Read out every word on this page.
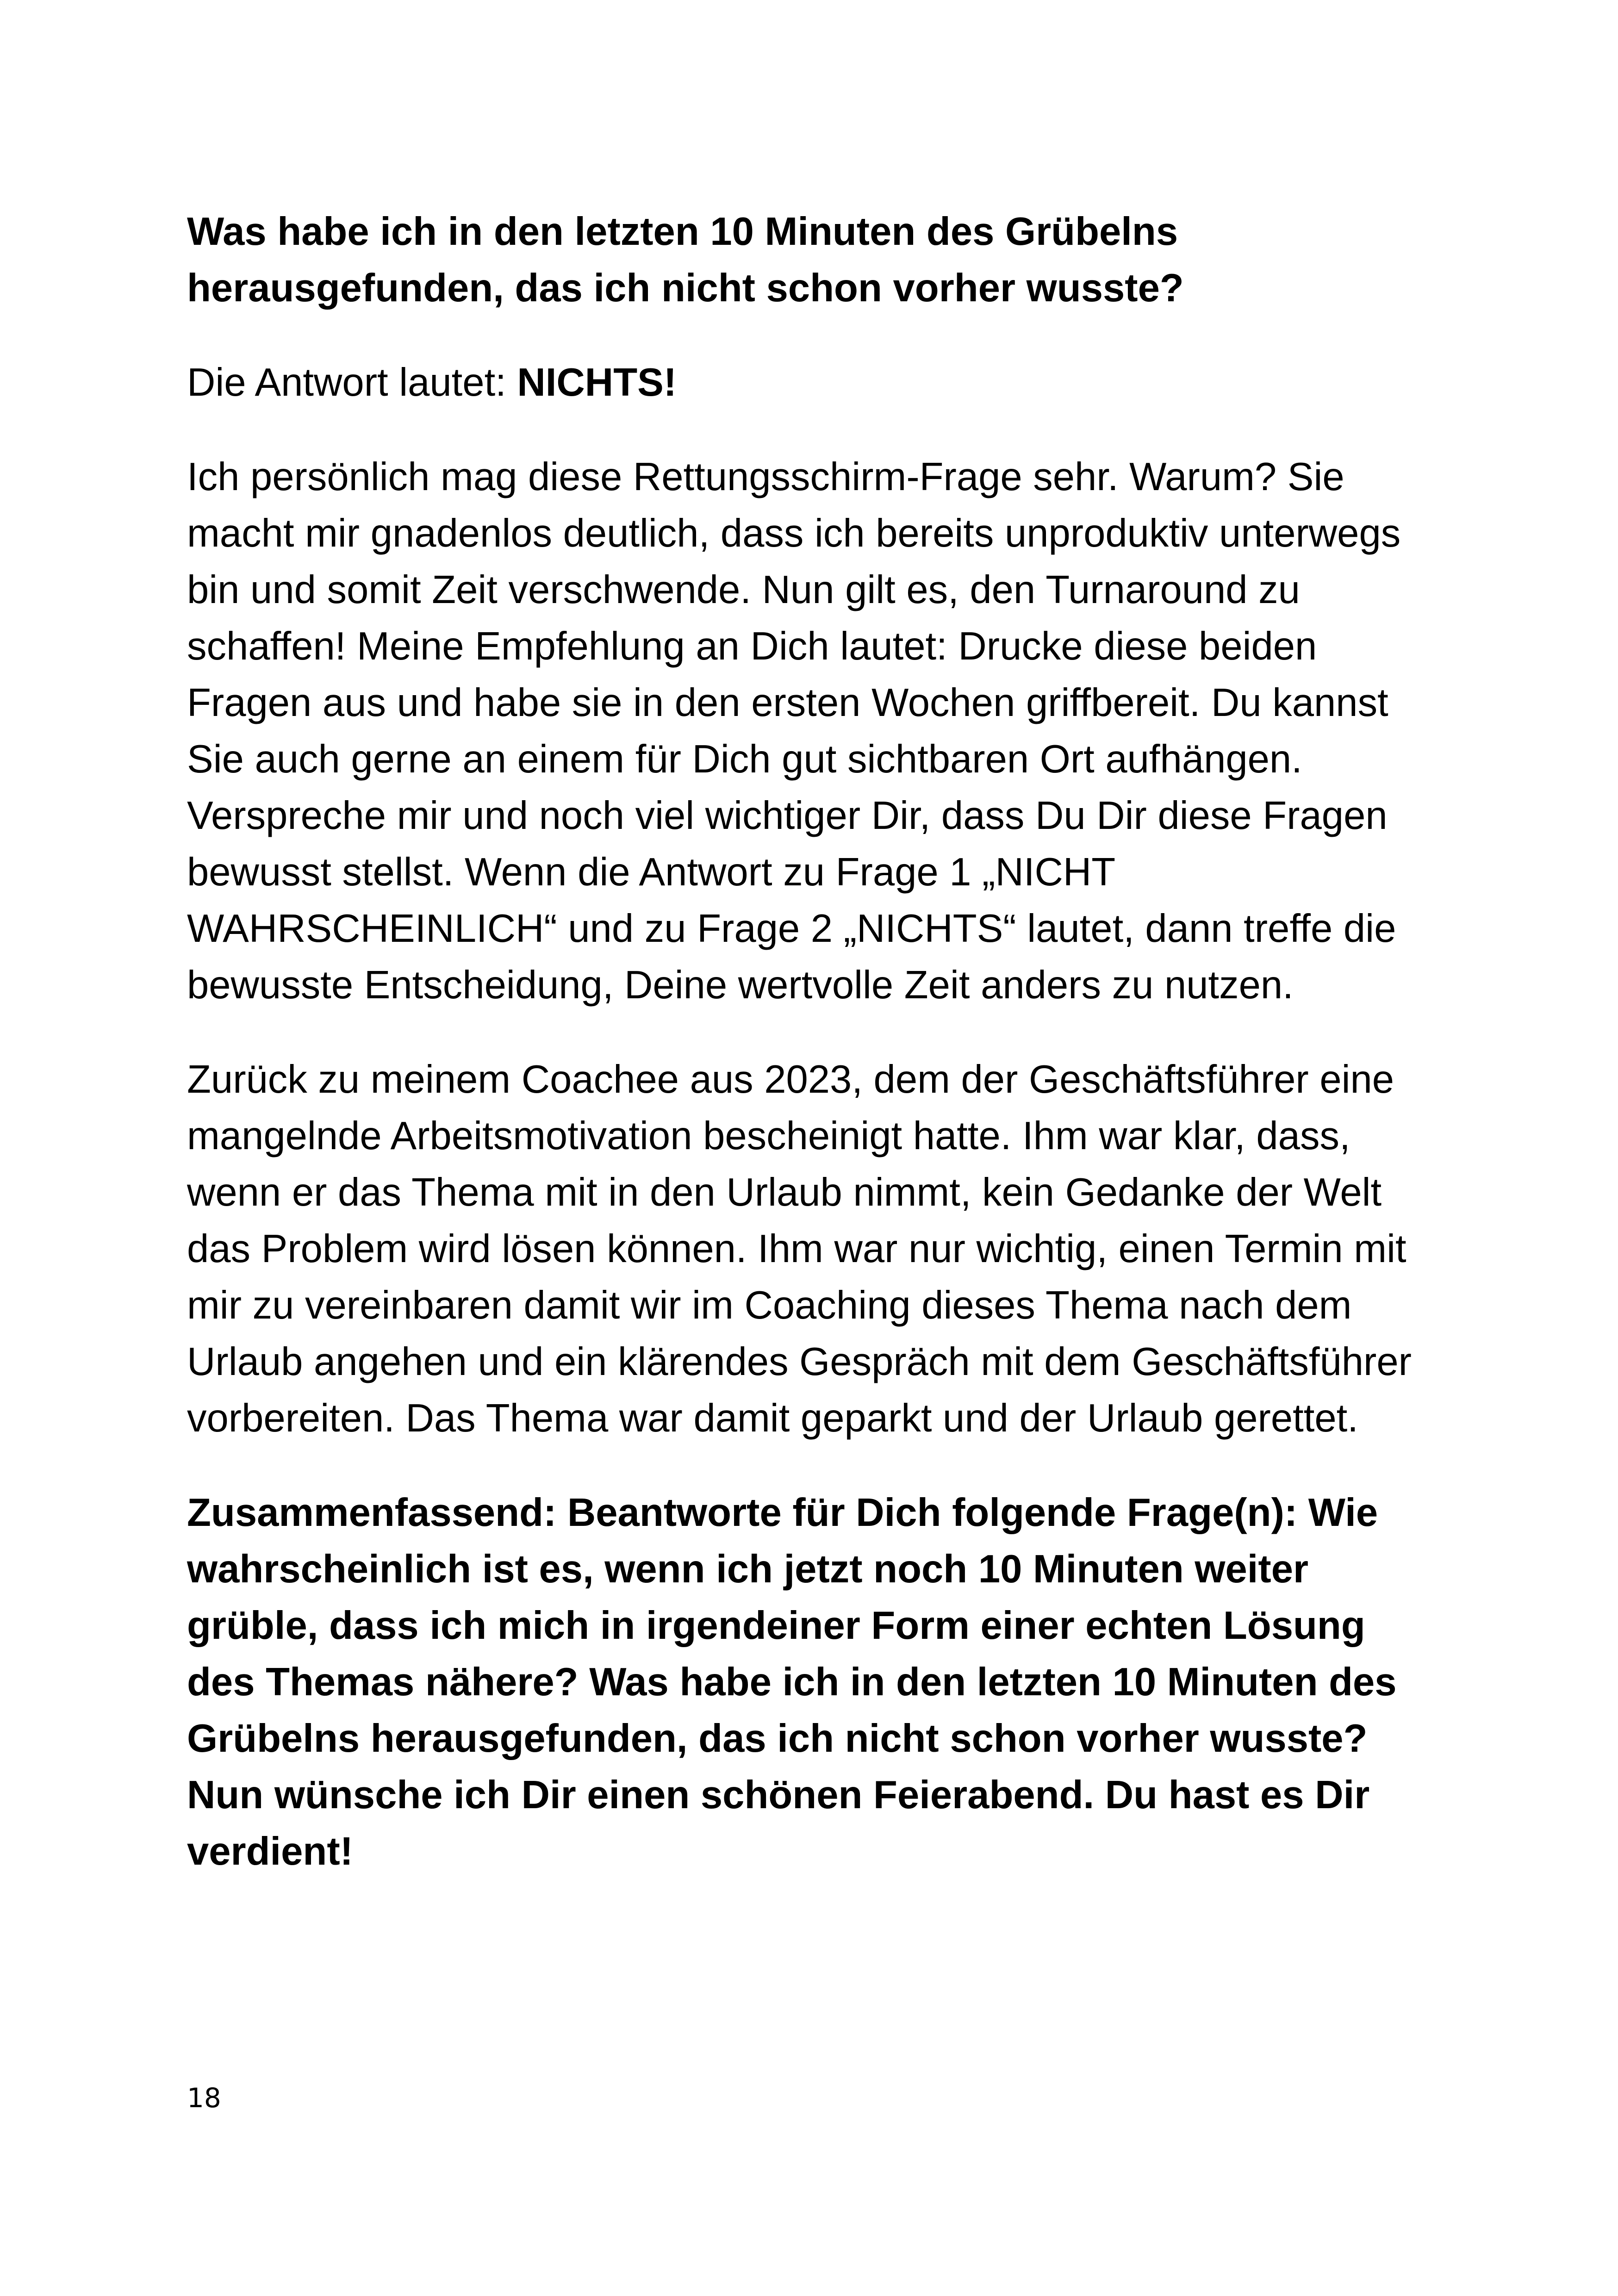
Was habe ich in den letzten 10 Minuten des Grübelns herausgefunden, das ich nicht schon vorher wusste?

Die Antwort lautet: NICHTS!

Ich persönlich mag diese Rettungsschirm-Frage sehr. Warum? Sie macht mir gnadenlos deutlich, dass ich bereits unproduktiv unterwegs bin und somit Zeit verschwende. Nun gilt es, den Turnaround zu schaffen! Meine Empfehlung an Dich lautet: Drucke diese beiden Fragen aus und habe sie in den ersten Wochen griffbereit. Du kannst Sie auch gerne an einem für Dich gut sichtbaren Ort aufhängen. Verspreche mir und noch viel wichtiger Dir, dass Du Dir diese Fragen bewusst stellst. Wenn die Antwort zu Frage 1 „NICHT WAHRSCHEINLICH“ und zu Frage 2 „NICHTS“ lautet, dann treffe die bewusste Entscheidung, Deine wertvolle Zeit anders zu nutzen.

Zurück zu meinem Coachee aus 2023, dem der Geschäftsführer eine mangelnde Arbeitsmotivation bescheinigt hatte. Ihm war klar, dass, wenn er das Thema mit in den Urlaub nimmt, kein Gedanke der Welt das Problem wird lösen können. Ihm war nur wichtig, einen Termin mit mir zu vereinbaren damit wir im Coaching dieses Thema nach dem Urlaub angehen und ein klärendes Gespräch mit dem Geschäftsführer vorbereiten. Das Thema war damit geparkt und der Urlaub gerettet.

Zusammenfassend: Beantworte für Dich folgende Frage(n): Wie wahrscheinlich ist es, wenn ich jetzt noch 10 Minuten weiter grüble, dass ich mich in irgendeiner Form einer echten Lösung des Themas nähere? Was habe ich in den letzten 10 Minuten des Grübelns herausgefunden, das ich nicht schon vorher wusste? Nun wünsche ich Dir einen schönen Feierabend. Du hast es Dir verdient!

18
